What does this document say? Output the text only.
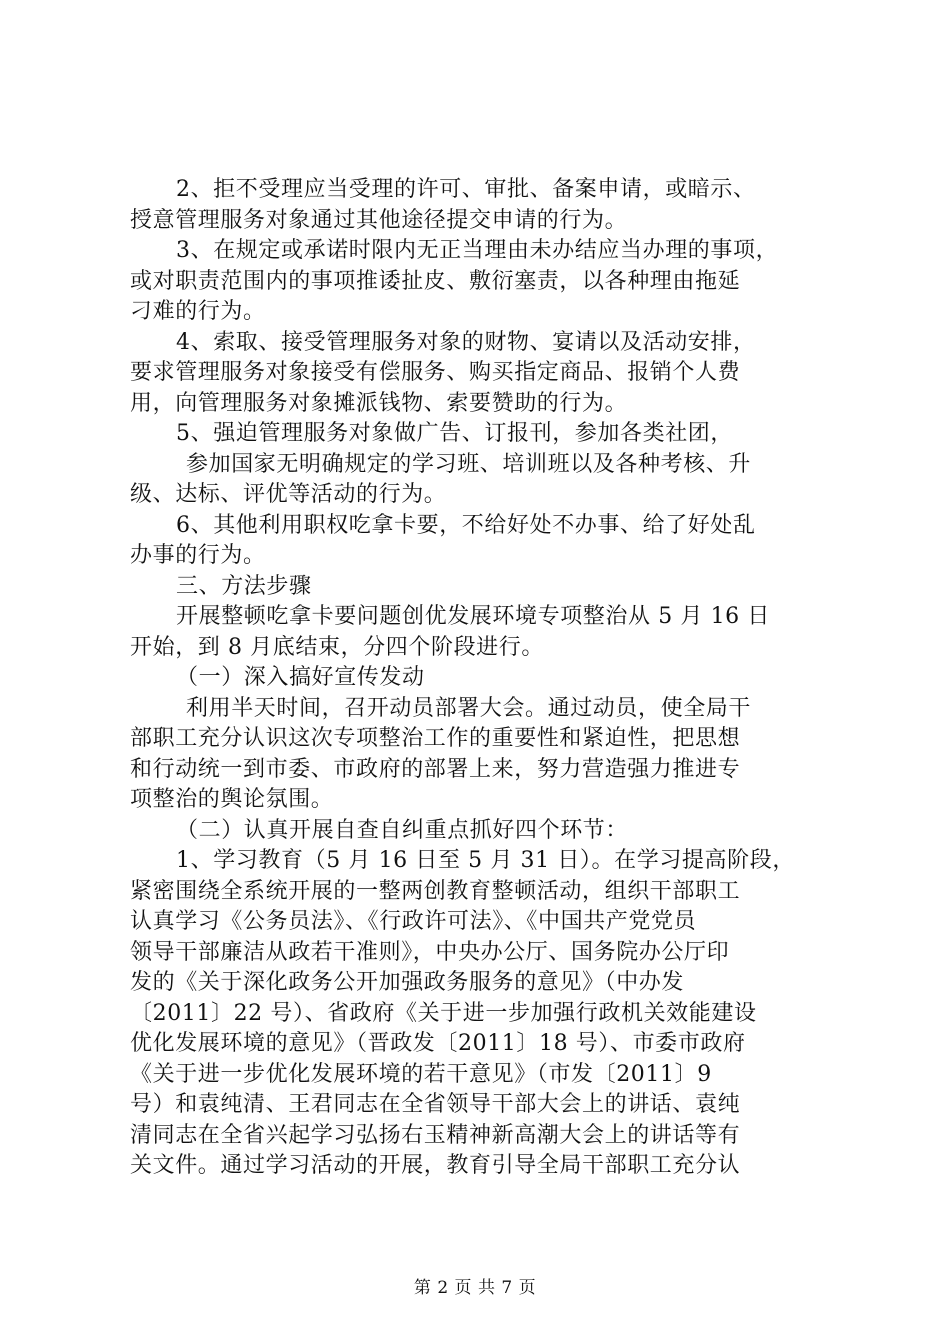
2、拒不受理应当受理的许可、审批、备案申请，或暗示、

授意管理服务对象通过其他途径提交申请的行为。

3、在规定或承诺时限内无正当理由未办结应当办理的事项，

或对职责范围内的事项推诿扯皮、敷衍塞责，以各种理由拖延

刁难的行为。

4、索取、接受管理服务对象的财物、宴请以及活动安排，

要求管理服务对象接受有偿服务、购买指定商品、报销个人费

用，向管理服务对象摊派钱物、索要赞助的行为。

5、强迫管理服务对象做广告、订报刊，参加各类社团，

参加国家无明确规定的学习班、培训班以及各种考核、升

级、达标、评优等活动的行为。

6、其他利用职权吃拿卡要，不给好处不办事、给了好处乱

办事的行为。

三、方法步骤

开展整顿吃拿卡要问题创优发展环境专项整治从 5 月 16 日

开始，到 8 月底结束，分四个阶段进行。

（一）深入搞好宣传发动

利用半天时间，召开动员部署大会。通过动员，使全局干

部职工充分认识这次专项整治工作的重要性和紧迫性，把思想

和行动统一到市委、市政府的部署上来，努力营造强力推进专

项整治的舆论氛围。

（二）认真开展自查自纠重点抓好四个环节：

1、学习教育（5 月 16 日至 5 月 31 日）。在学习提高阶段，

紧密围绕全系统开展的一整两创教育整顿活动，组织干部职工

认真学习《公务员法》、《行政许可法》、《中国共产党党员

领导干部廉洁从政若干准则》，中央办公厅、国务院办公厅印

发的《关于深化政务公开加强政务服务的意见》（中办发

〔2011〕22 号）、省政府《关于进一步加强行政机关效能建设

优化发展环境的意见》（晋政发〔2011〕18 号）、市委市政府

《关于进一步优化发展环境的若干意见》（市发〔2011〕9

号）和袁纯清、王君同志在全省领导干部大会上的讲话、袁纯

清同志在全省兴起学习弘扬右玉精神新高潮大会上的讲话等有

关文件。通过学习活动的开展，教育引导全局干部职工充分认

第 2 页 共 7 页
